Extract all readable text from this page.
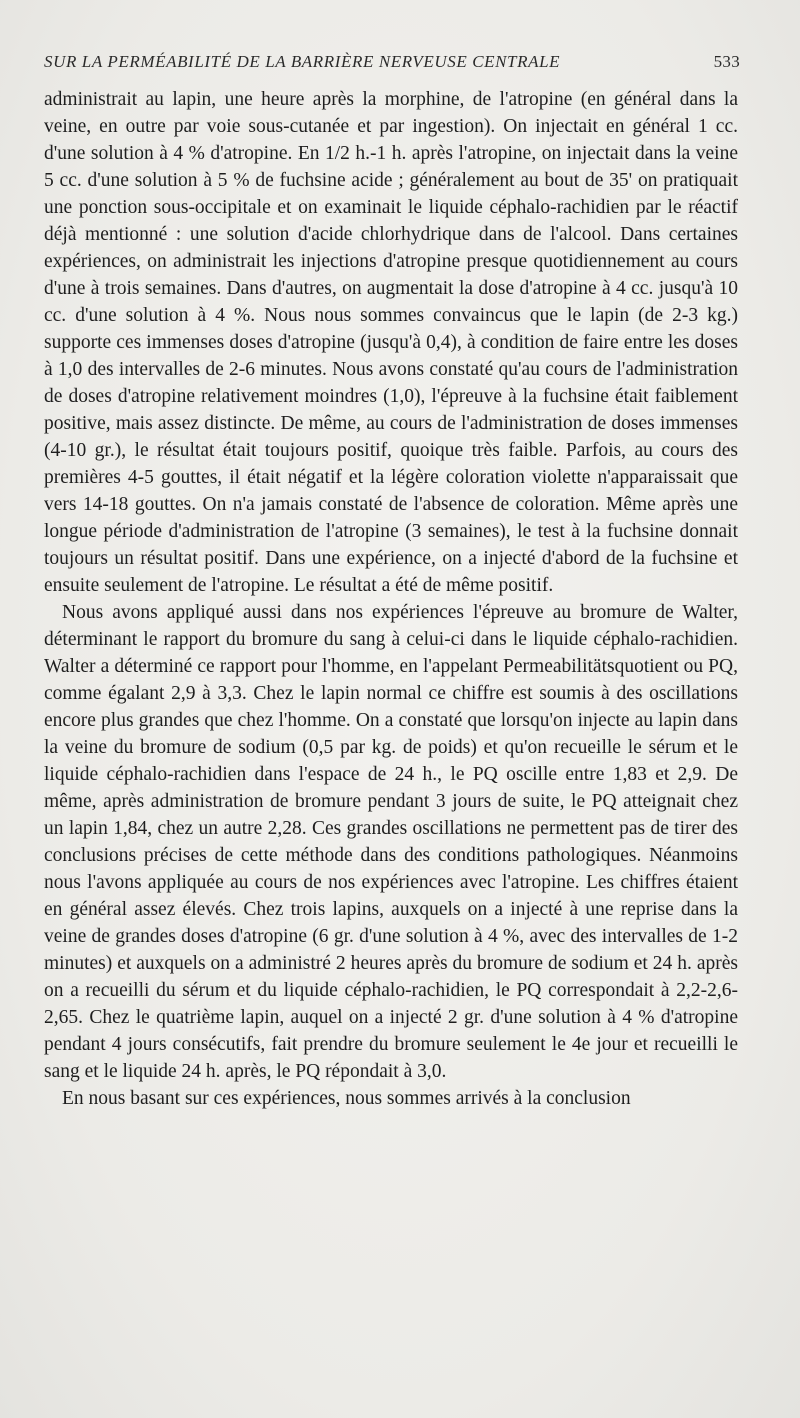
SUR LA PERMÉABILITÉ DE LA BARRIÈRE NERVEUSE CENTRALE	533

administrait au lapin, une heure après la morphine, de l'atropine (en général dans la veine, en outre par voie sous-cutanée et par ingestion). On injectait en général 1 cc. d'une solution à 4 % d'atropine. En 1/2 h.-1 h. après l'atropine, on injectait dans la veine 5 cc. d'une solution à 5 % de fuchsine acide ; généralement au bout de 35' on pratiquait une ponction sous-occipitale et on examinait le liquide céphalo-rachidien par le réactif déjà mentionné : une solution d'acide chlorhydrique dans de l'alcool. Dans certaines expériences, on administrait les injections d'atropine presque quotidiennement au cours d'une à trois semaines. Dans d'autres, on augmentait la dose d'atropine à 4 cc. jusqu'à 10 cc. d'une solution à 4 %. Nous nous sommes convaincus que le lapin (de 2-3 kg.) supporte ces immenses doses d'atropine (jusqu'à 0,4), à condition de faire entre les doses à 1,0 des intervalles de 2-6 minutes. Nous avons constaté qu'au cours de l'administration de doses d'atropine relativement moindres (1,0), l'épreuve à la fuchsine était faiblement positive, mais assez distincte. De même, au cours de l'administration de doses immenses (4-10 gr.), le résultat était toujours positif, quoique très faible. Parfois, au cours des premières 4-5 gouttes, il était négatif et la légère coloration violette n'apparaissait que vers 14-18 gouttes. On n'a jamais constaté de l'absence de coloration. Même après une longue période d'administration de l'atropine (3 semaines), le test à la fuchsine donnait toujours un résultat positif. Dans une expérience, on a injecté d'abord de la fuchsine et ensuite seulement de l'atropine. Le résultat a été de même positif.

Nous avons appliqué aussi dans nos expériences l'épreuve au bromure de Walter, déterminant le rapport du bromure du sang à celui-ci dans le liquide céphalo-rachidien. Walter a déterminé ce rapport pour l'homme, en l'appelant Permeabilitätsquotient ou PQ, comme égalant 2,9 à 3,3. Chez le lapin normal ce chiffre est soumis à des oscillations encore plus grandes que chez l'homme. On a constaté que lorsqu'on injecte au lapin dans la veine du bromure de sodium (0,5 par kg. de poids) et qu'on recueille le sérum et le liquide céphalo-rachidien dans l'espace de 24 h., le PQ oscille entre 1,83 et 2,9. De même, après administration de bromure pendant 3 jours de suite, le PQ atteignait chez un lapin 1,84, chez un autre 2,28. Ces grandes oscillations ne permettent pas de tirer des conclusions précises de cette méthode dans des conditions pathologiques. Néanmoins nous l'avons appliquée au cours de nos expériences avec l'atropine. Les chiffres étaient en général assez élevés. Chez trois lapins, auxquels on a injecté à une reprise dans la veine de grandes doses d'atropine (6 gr. d'une solution à 4 %, avec des intervalles de 1-2 minutes) et auxquels on a administré 2 heures après du bromure de sodium et 24 h. après on a recueilli du sérum et du liquide céphalo-rachidien, le PQ correspondait à 2,2-2,6-2,65. Chez le quatrième lapin, auquel on a injecté 2 gr. d'une solution à 4 % d'atropine pendant 4 jours consécutifs, fait prendre du bromure seulement le 4e jour et recueilli le sang et le liquide 24 h. après, le PQ répondait à 3,0.

En nous basant sur ces expériences, nous sommes arrivés à la conclusion
